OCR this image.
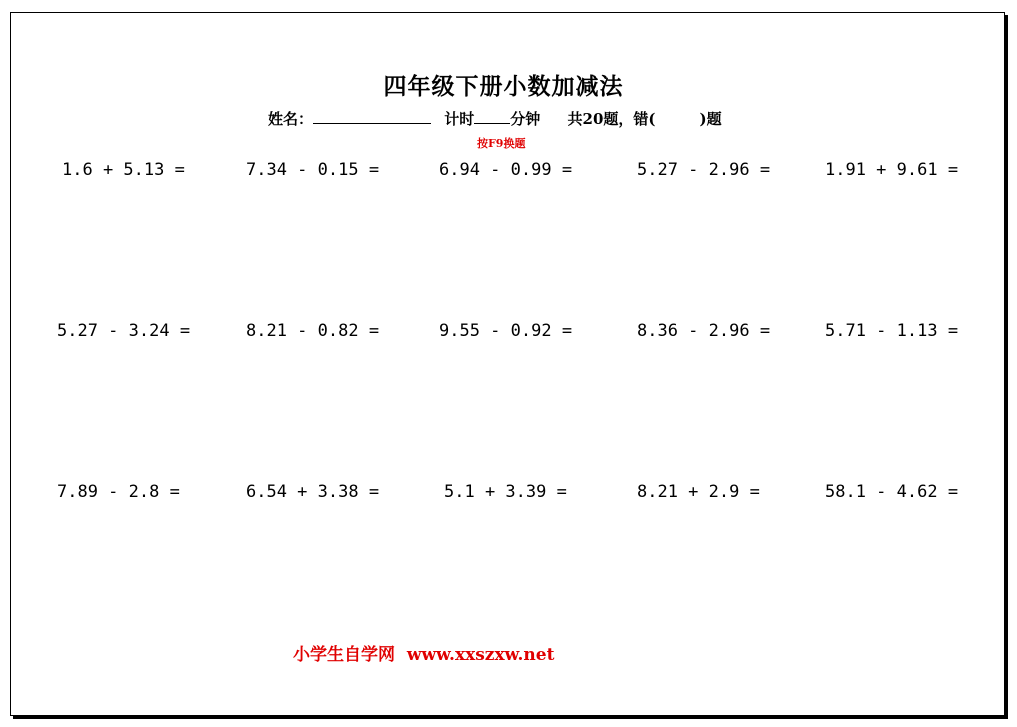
四年级下册小数加减法
姓名：	计时 分钟 共20题，错(	)题
按F9换题
1.6 + 5.13 =	7.34 - 0.15 =	6.94 - 0.99 =	5.27 - 2.96 =	1.91 + 9.61 =
5.27 - 3.24 =	8.21 - 0.82 =	9.55 - 0.92 =	8.36 - 2.96 =	5.71 - 1.13 =
7.89 - 2.8 =	6.54 + 3.38 =	5.1 + 3.39 =	8.21 + 2.9 =	58.1 - 4.62 =
小学生自学网 www.xxszxw.net
